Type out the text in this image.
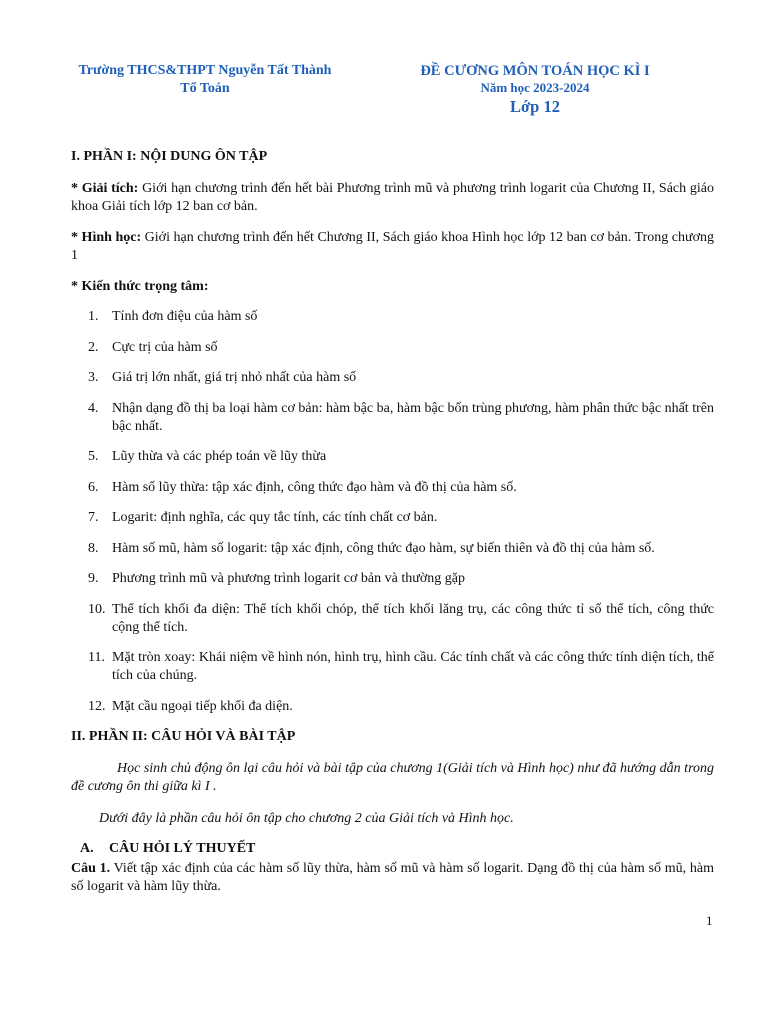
Trường THCS&THPT Nguyễn Tất Thành
Tổ Toán
ĐỀ CƯƠNG MÔN TOÁN HỌC KÌ I
Năm học 2023-2024
Lớp 12
I. PHẦN I: NỘI DUNG ÔN TẬP

* Giải tích: Giới hạn chương trình đến hết bài Phương trình mũ và phương trình logarit của Chương II, Sách giáo khoa Giải tích lớp 12 ban cơ bản.

* Hình học: Giới hạn chương trình đến hết Chương II, Sách giáo khoa Hình học lớp 12 ban cơ bản. Trong chương 1

* Kiến thức trọng tâm:

1. Tính đơn điệu của hàm số
2. Cực trị của hàm số
3. Giá trị lớn nhất, giá trị nhỏ nhất của hàm số
4. Nhận dạng đồ thị ba loại hàm cơ bản: hàm bậc ba, hàm bậc bốn trùng phương, hàm phân thức bậc nhất trên bậc nhất.
5. Lũy thừa và các phép toán về lũy thừa
6. Hàm số lũy thừa: tập xác định, công thức đạo hàm và đồ thị của hàm số.
7. Logarit: định nghĩa, các quy tắc tính, các tính chất cơ bản.
8. Hàm số mũ, hàm số logarit: tập xác định, công thức đạo hàm, sự biến thiên và đồ thị của hàm số.
9. Phương trình mũ và phương trình logarit cơ bản và thường gặp
10. Thể tích khối đa diện: Thể tích khối chóp, thể tích khối lăng trụ, các công thức tỉ số thể tích, công thức cộng thể tích.
11. Mặt tròn xoay: Khái niệm về hình nón, hình trụ, hình cầu. Các tính chất và các công thức tính diện tích, thể tích của chúng.
12. Mặt cầu ngoại tiếp khối đa diện.
II. PHẦN II: CÂU HỎI VÀ BÀI TẬP

Học sinh chủ động ôn lại câu hỏi và bài tập của chương 1(Giải tích và Hình học) như đã hướng dẫn trong đề cương ôn thi giữa kì I .

Dưới đây là phần câu hỏi ôn tập cho chương 2 của Giải tích và Hình học.

A. CÂU HỎI LÝ THUYẾT

Câu 1. Viết tập xác định của các hàm số lũy thừa, hàm số mũ và hàm số logarit. Dạng đồ thị của hàm số mũ, hàm số logarit và hàm lũy thừa.

1
